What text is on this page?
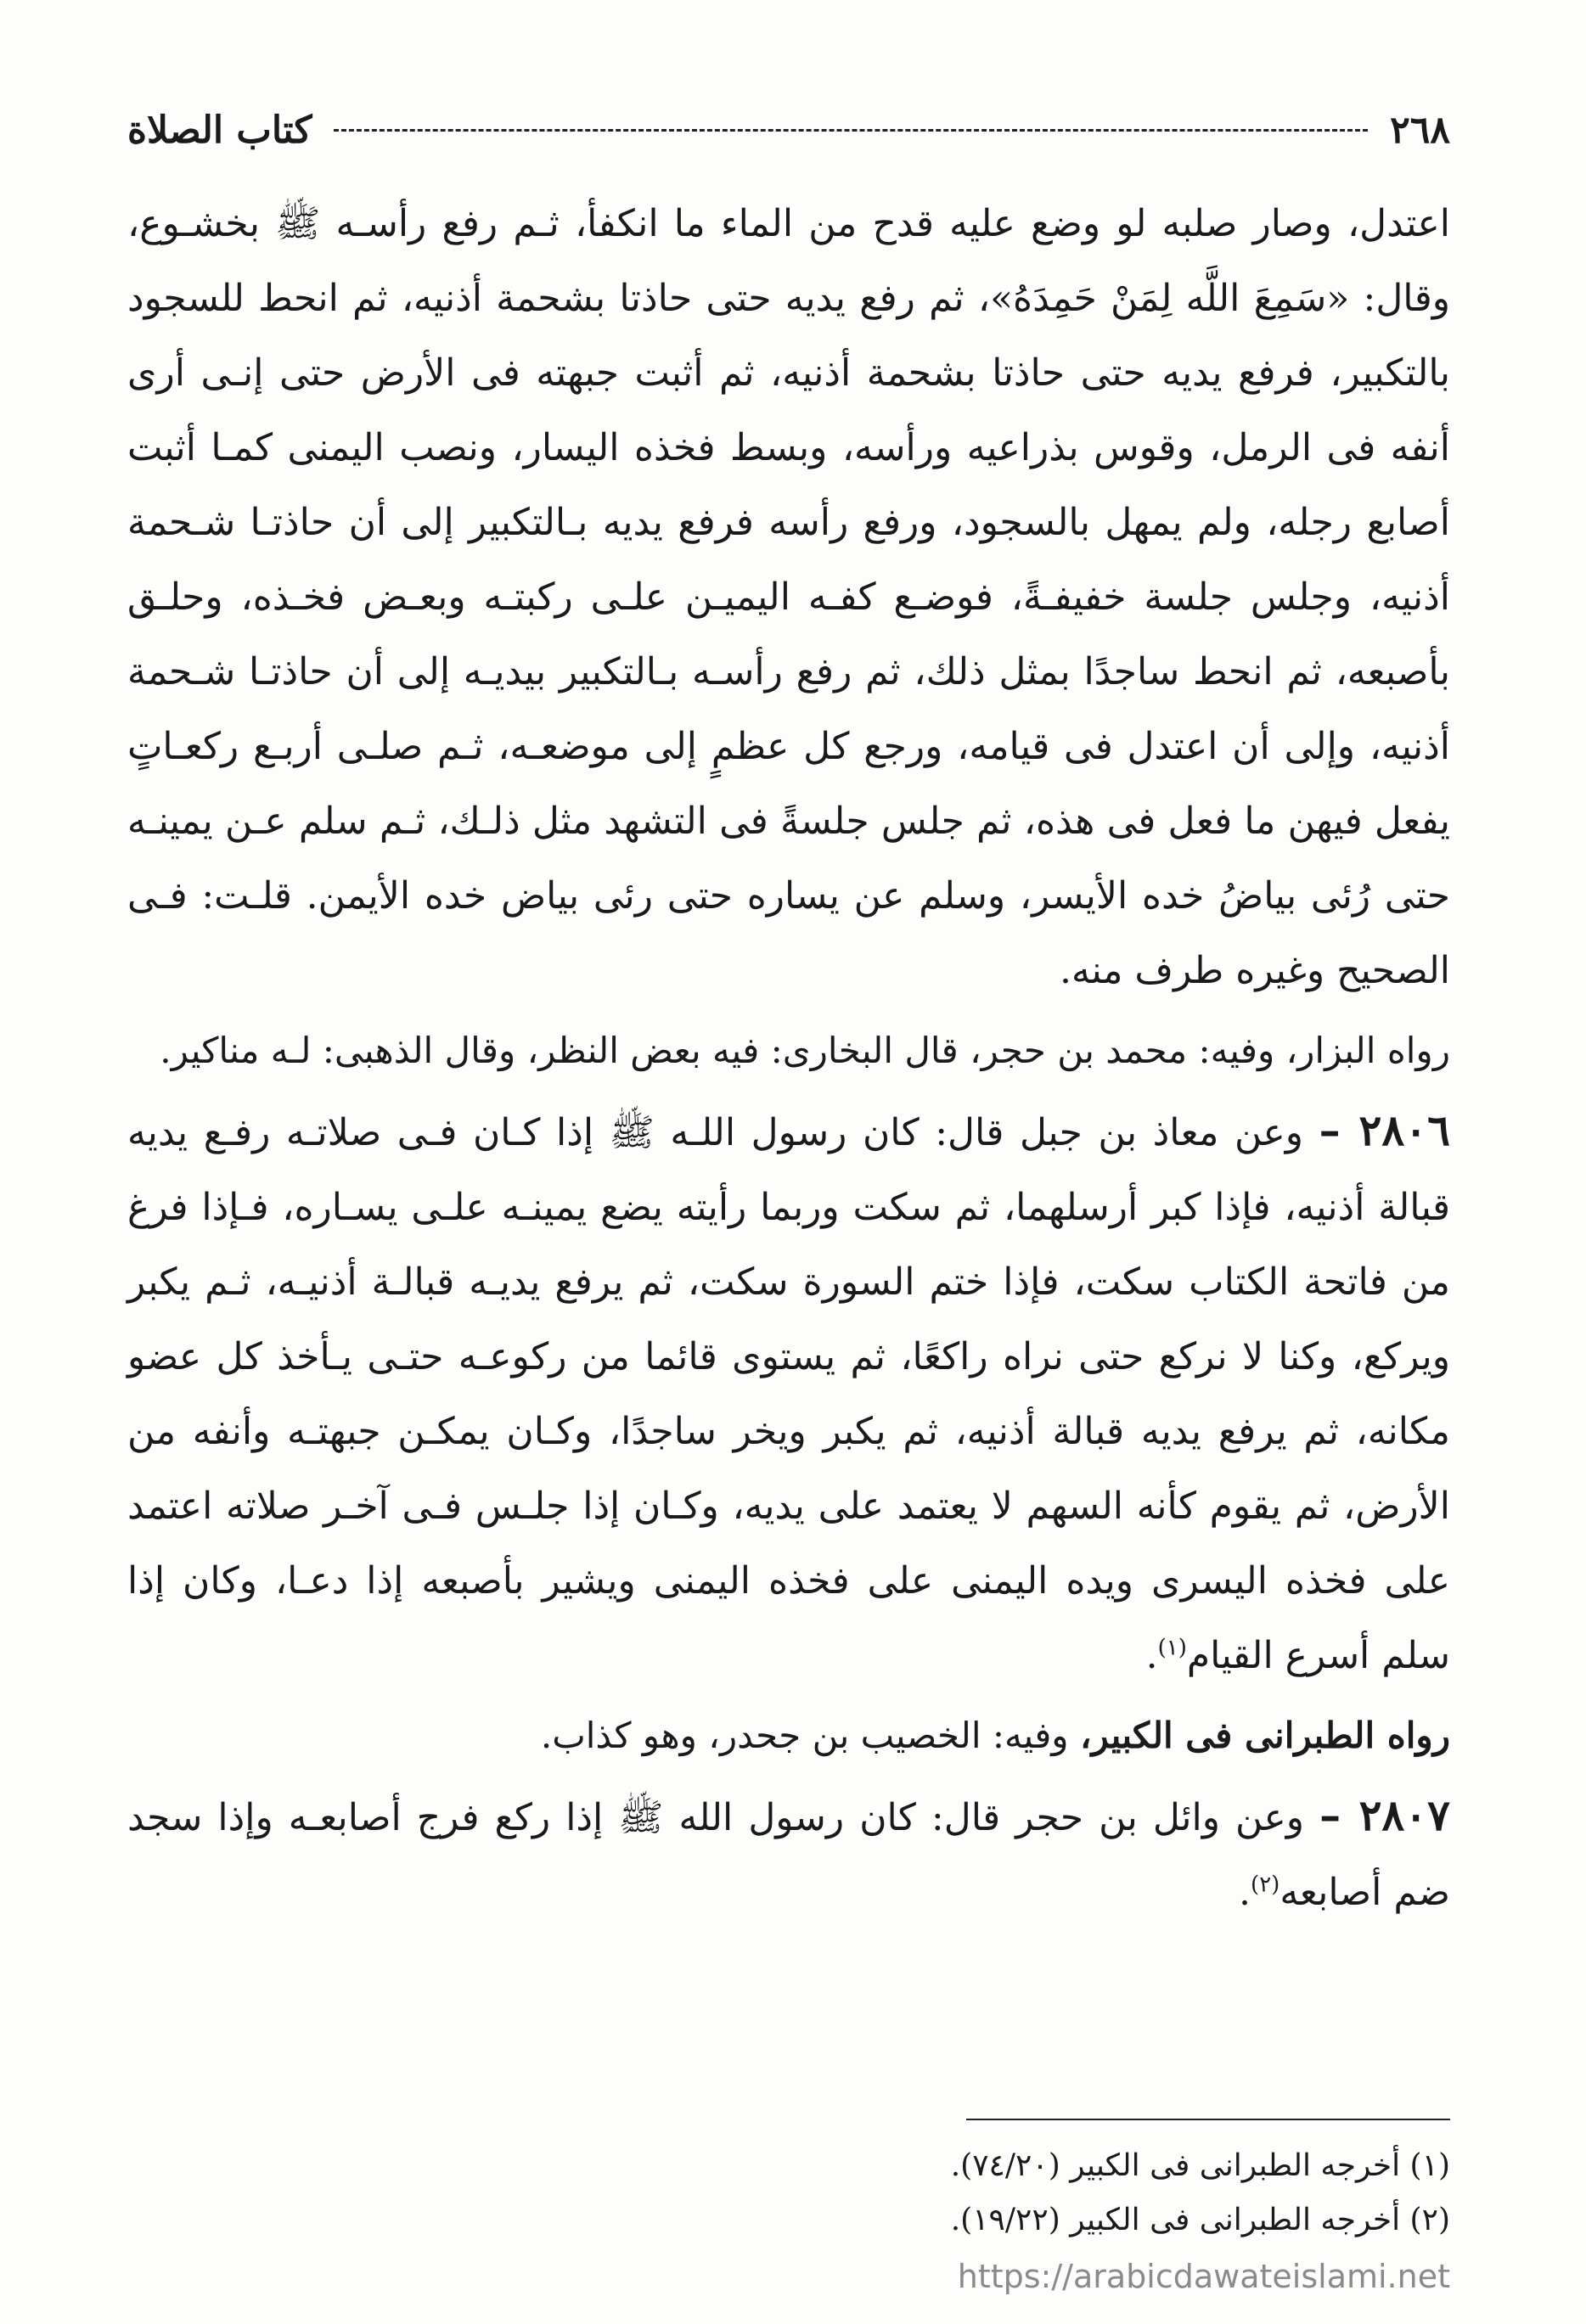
٢٦٨
كتاب الصلاة

اعتدل، وصار صلبه لو وضع عليه قدح من الماء ما انكفأ، ثـم رفع رأسـه ﷺ بخشـوع، وقال: «سَمِعَ اللَّه لِمَنْ حَمِدَهُ»، ثم رفع يديه حتى حاذتا بشحمة أذنيه، ثم انحط للسجود بالتكبير، فرفع يديه حتى حاذتا بشحمة أذنيه، ثم أثبت جبهته فى الأرض حتى إنـى أرى أنفه فى الرمل، وقوس بذراعيه ورأسه، وبسط فخذه اليسار، ونصب اليمنى كمـا أثبت أصابع رجله، ولم يمهل بالسجود، ورفع رأسه فرفع يديه بـالتكبير إلى أن حاذتـا شـحمة أذنيه، وجلس جلسة خفيفـةً، فوضـع كفـه اليميـن علـى ركبتـه وبعـض فخـذه، وحلـق بأصبعه، ثم انحط ساجدًا بمثل ذلك، ثم رفع رأسـه بـالتكبير بيديـه إلى أن حاذتـا شـحمة أذنيه، وإلى أن اعتدل فى قيامه، ورجع كل عظمٍ إلى موضعـه، ثـم صلـى أربـع ركعـاتٍ يفعل فيهن ما فعل فى هذه، ثم جلس جلسةً فى التشهد مثل ذلـك، ثـم سلم عـن يمينـه حتى رُئى بياضُ خده الأيسر، وسلم عن يساره حتى رئى بياض خده الأيمن. قلـت: فـى الصحيح وغيره طرف منه.

رواه البزار، وفيه: محمد بن حجر، قال البخارى: فيه بعض النظر، وقال الذهبى: لـه مناكير.

٢٨٠٦ – وعن معاذ بن جبل قال: كان رسول اللـه ﷺ إذا كـان فـى صلاتـه رفـع يديه قبالة أذنيه، فإذا كبر أرسلهما، ثم سكت وربما رأيته يضع يمينـه علـى يسـاره، فـإذا فرغ من فاتحة الكتاب سكت، فإذا ختم السورة سكت، ثم يرفع يديـه قبالـة أذنيـه، ثـم يكبر ويركع، وكنا لا نركع حتى نراه راكعًا، ثم يستوى قائما من ركوعـه حتـى يـأخذ كل عضو مكانه، ثم يرفع يديه قبالة أذنيه، ثم يكبر ويخر ساجدًا، وكـان يمكـن جبهتـه وأنفه من الأرض، ثم يقوم كأنه السهم لا يعتمد على يديه، وكـان إذا جلـس فـى آخـر صلاته اعتمد على فخذه اليسرى ويده اليمنى على فخذه اليمنى ويشير بأصبعه إذا دعـا، وكان إذا سلم أسرع القيام$^{(١)}$.

رواه الطبرانى فى الكبير، وفيه: الخصيب بن جحدر، وهو كذاب.

٢٨٠٧ – وعن وائل بن حجر قال: كان رسول الله ﷺ إذا ركع فرج أصابعـه وإذا سجد ضم أصابعه$^{(٢)}$.

(١) أخرجه الطبرانى فى الكبير (٧٤/٢٠).

(٢) أخرجه الطبرانى فى الكبير (١٩/٢٢).

https://arabicdawateislami.net
